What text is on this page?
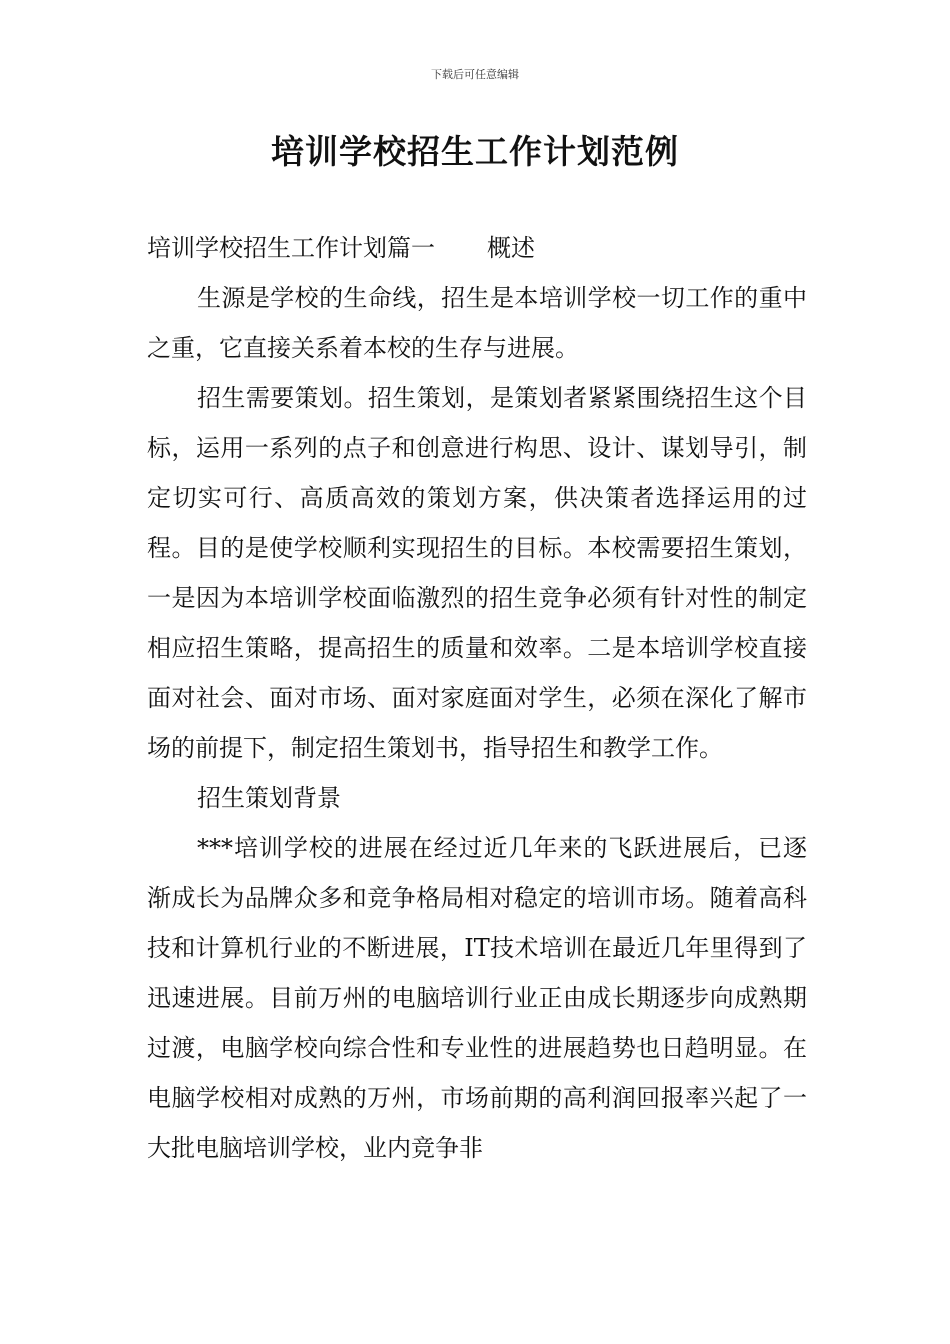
下载后可任意编辑
培训学校招生工作计划范例

培训学校招生工作计划篇一 概述

生源是学校的生命线，招生是本培训学校一切工作的重中之重，它直接关系着本校的生存与进展。

招生需要策划。招生策划，是策划者紧紧围绕招生这个目标，运用一系列的点子和创意进行构思、设计、谋划导引，制定切实可行、高质高效的策划方案，供决策者选择运用的过程。目的是使学校顺利实现招生的目标。本校需要招生策划，一是因为本培训学校面临激烈的招生竞争必须有针对性的制定相应招生策略，提高招生的质量和效率。二是本培训学校直接面对社会、面对市场、面对家庭面对学生，必须在深化了解市场的前提下，制定招生策划书，指导招生和教学工作。

招生策划背景

***培训学校的进展在经过近几年来的飞跃进展后，已逐渐成长为品牌众多和竞争格局相对稳定的培训市场。随着高科技和计算机行业的不断进展，IT技术培训在最近几年里得到了迅速进展。目前万州的电脑培训行业正由成长期逐步向成熟期过渡，电脑学校向综合性和专业性的进展趋势也日趋明显。在电脑学校相对成熟的万州，市场前期的高利润回报率兴起了一大批电脑培训学校，业内竞争非
